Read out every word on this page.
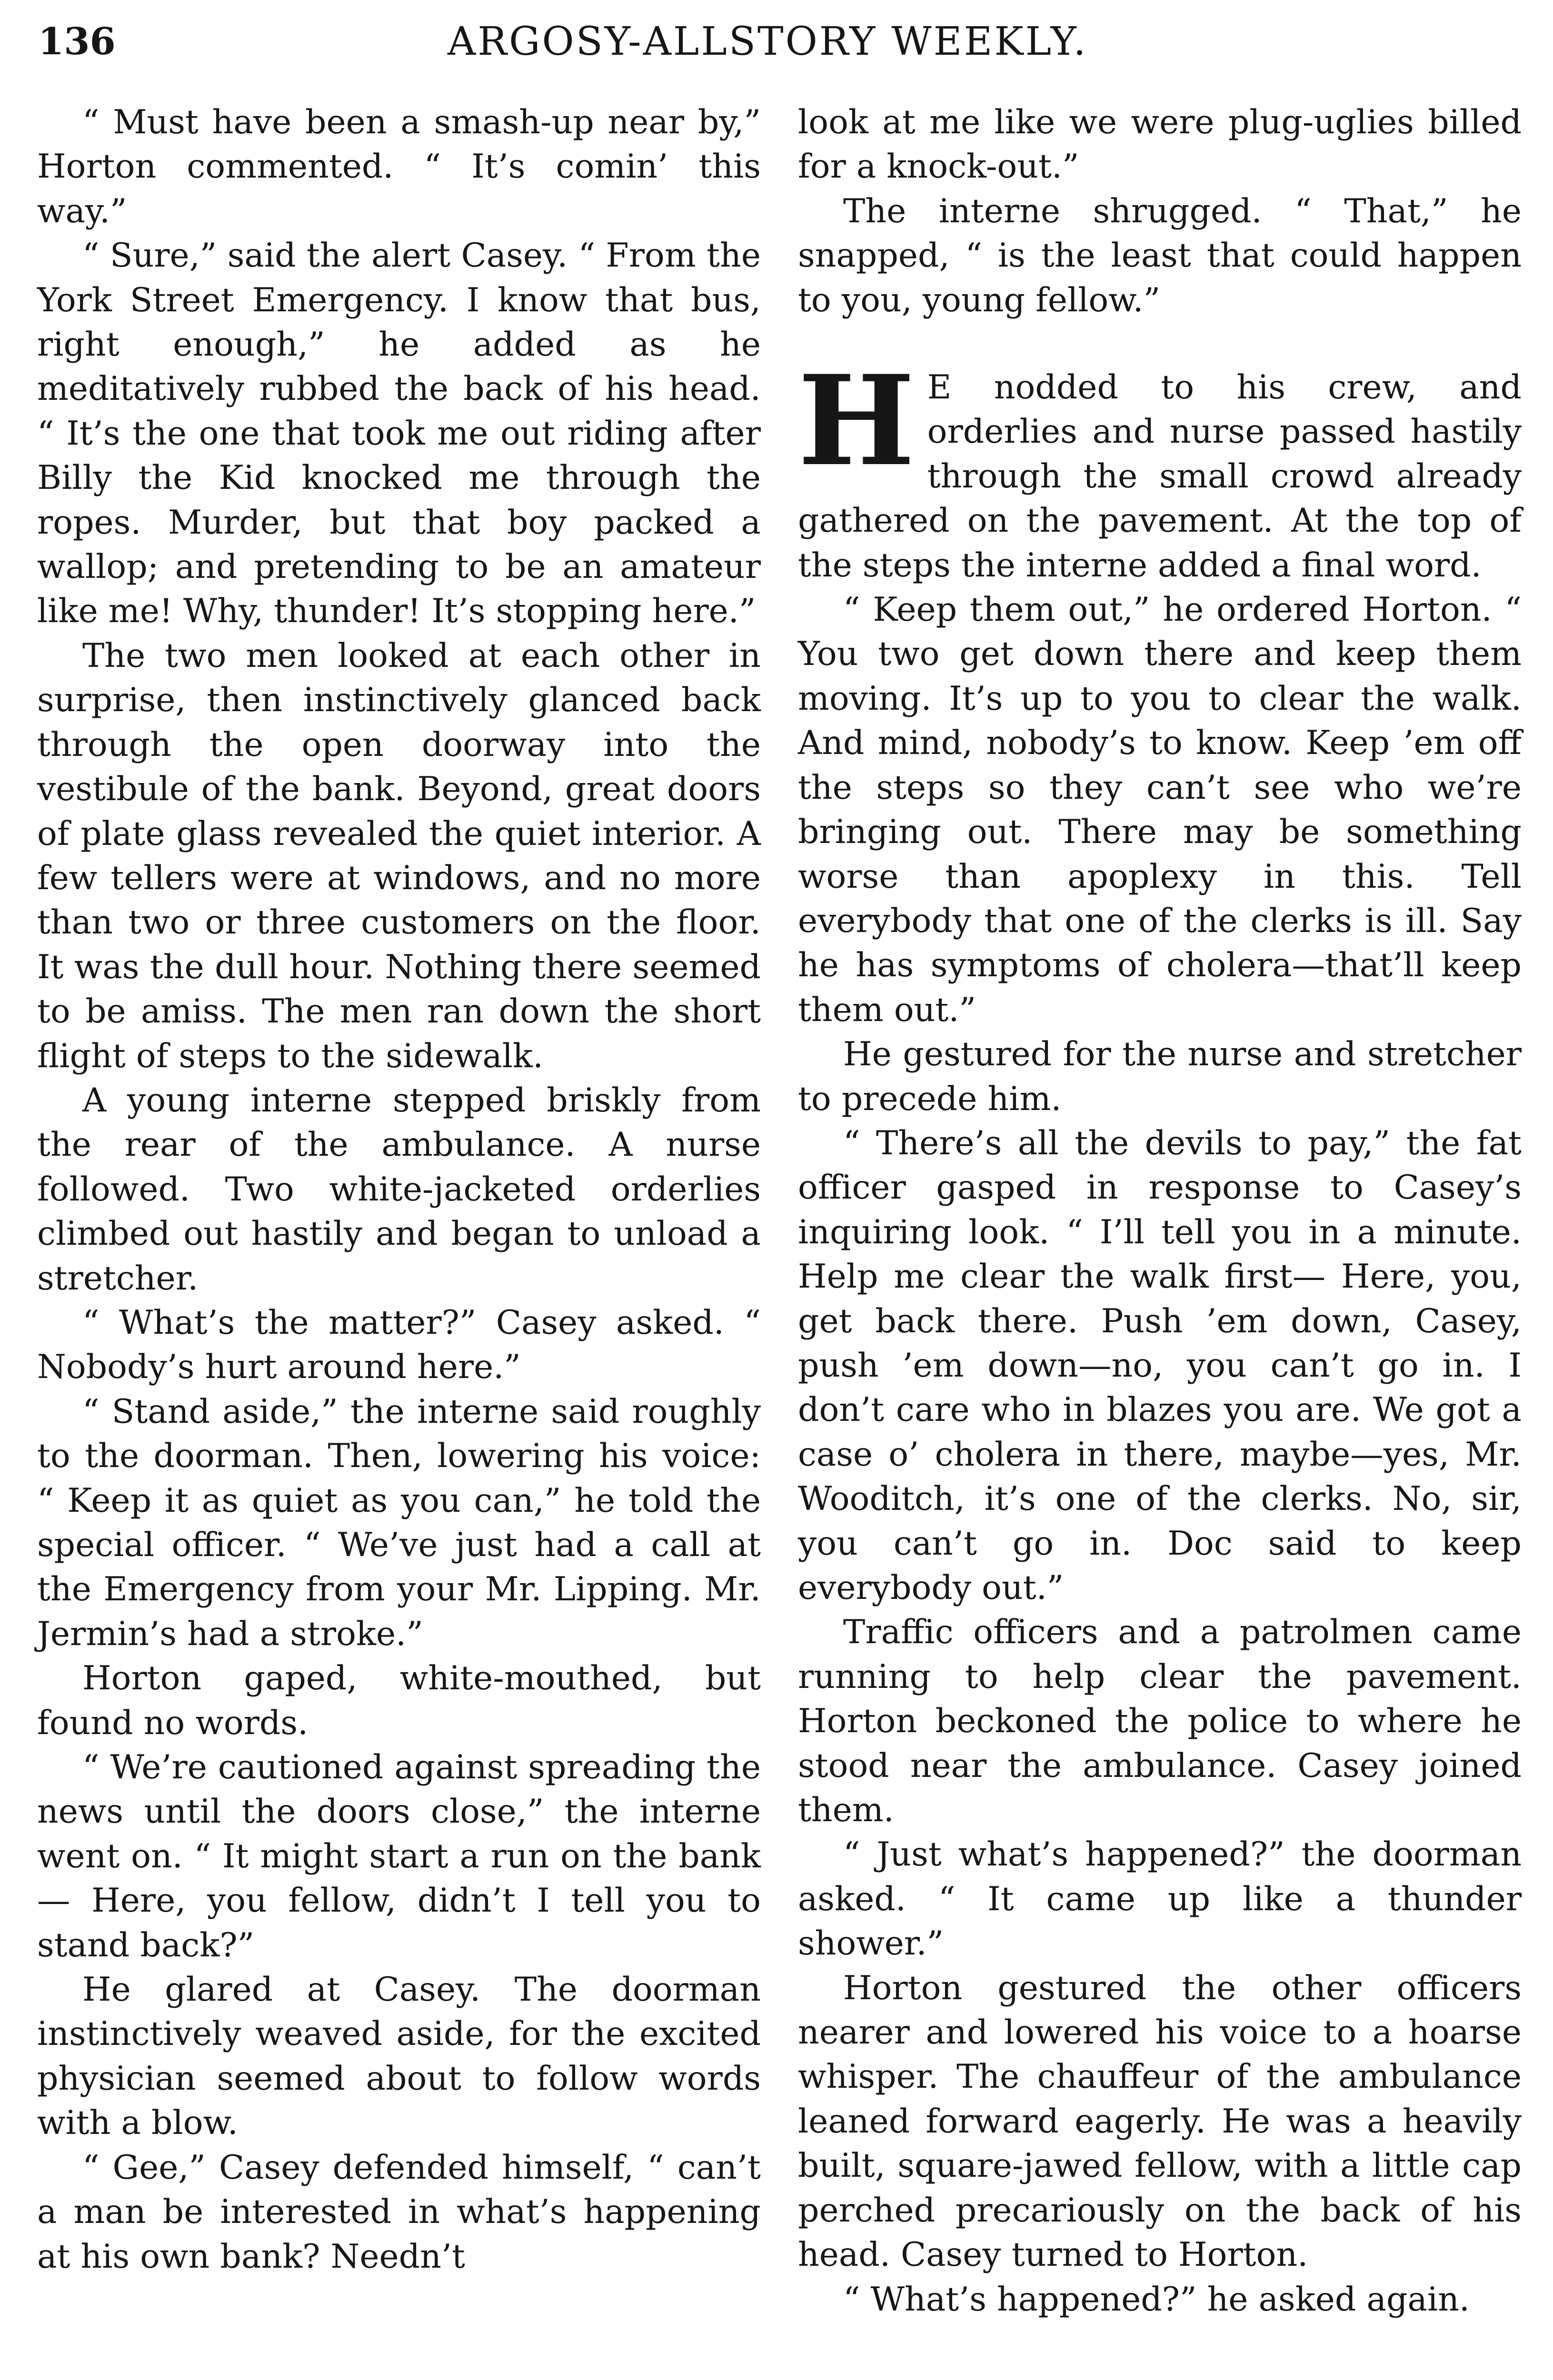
136	ARGOSY-ALLSTORY WEEKLY.

“ Must have been a smash-up near by,” Horton commented. “ It’s comin’ this way.”

“ Sure,” said the alert Casey. “ From the York Street Emergency. I know that bus, right enough,” he added as he meditatively rubbed the back of his head. “ It’s the one that took me out riding after Billy the Kid knocked me through the ropes. Murder, but that boy packed a wallop; and pretending to be an amateur like me! Why, thunder! It’s stopping here.”

The two men looked at each other in surprise, then instinctively glanced back through the open doorway into the vestibule of the bank. Beyond, great doors of plate glass revealed the quiet interior. A few tellers were at windows, and no more than two or three customers on the floor. It was the dull hour. Nothing there seemed to be amiss. The men ran down the short flight of steps to the sidewalk.

A young interne stepped briskly from the rear of the ambulance. A nurse followed. Two white-jacketed orderlies climbed out hastily and began to unload a stretcher.

“ What’s the matter?” Casey asked. “ Nobody’s hurt around here.”

“ Stand aside,” the interne said roughly to the doorman. Then, lowering his voice: “ Keep it as quiet as you can,” he told the special officer. “ We’ve just had a call at the Emergency from your Mr. Lipping. Mr. Jermin’s had a stroke.”

Horton gaped, white-mouthed, but found no words.

“ We’re cautioned against spreading the news until the doors close,” the interne went on. “ It might start a run on the bank— Here, you fellow, didn’t I tell you to stand back?”

He glared at Casey. The doorman instinctively weaved aside, for the excited physician seemed about to follow words with a blow.

“ Gee,” Casey defended himself, “ can’t a man be interested in what’s happening at his own bank? Needn’t

look at me like we were plug-uglies billed for a knock-out.”

The interne shrugged. “ That,” he snapped, “ is the least that could happen to you, young fellow.”

H E nodded to his crew, and orderlies and nurse passed hastily through the small crowd already gathered on the pavement. At the top of the steps the interne added a final word.

“ Keep them out,” he ordered Horton. “ You two get down there and keep them moving. It’s up to you to clear the walk. And mind, nobody’s to know. Keep ’em off the steps so they can’t see who we’re bringing out. There may be something worse than apoplexy in this. Tell everybody that one of the clerks is ill. Say he has symptoms of cholera—that’ll keep them out.”

He gestured for the nurse and stretcher to precede him.

“ There’s all the devils to pay,” the fat officer gasped in response to Casey’s inquiring look. “ I’ll tell you in a minute. Help me clear the walk first— Here, you, get back there. Push ’em down, Casey, push ’em down—no, you can’t go in. I don’t care who in blazes you are. We got a case o’ cholera in there, maybe—yes, Mr. Wooditch, it’s one of the clerks. No, sir, you can’t go in. Doc said to keep everybody out.”

Traffic officers and a patrolmen came running to help clear the pavement. Horton beckoned the police to where he stood near the ambulance. Casey joined them.

“ Just what’s happened?” the doorman asked. “ It came up like a thunder shower.”

Horton gestured the other officers nearer and lowered his voice to a hoarse whisper. The chauffeur of the ambulance leaned forward eagerly. He was a heavily built, square-jawed fellow, with a little cap perched precariously on the back of his head. Casey turned to Horton.

“ What’s happened?” he asked again.
